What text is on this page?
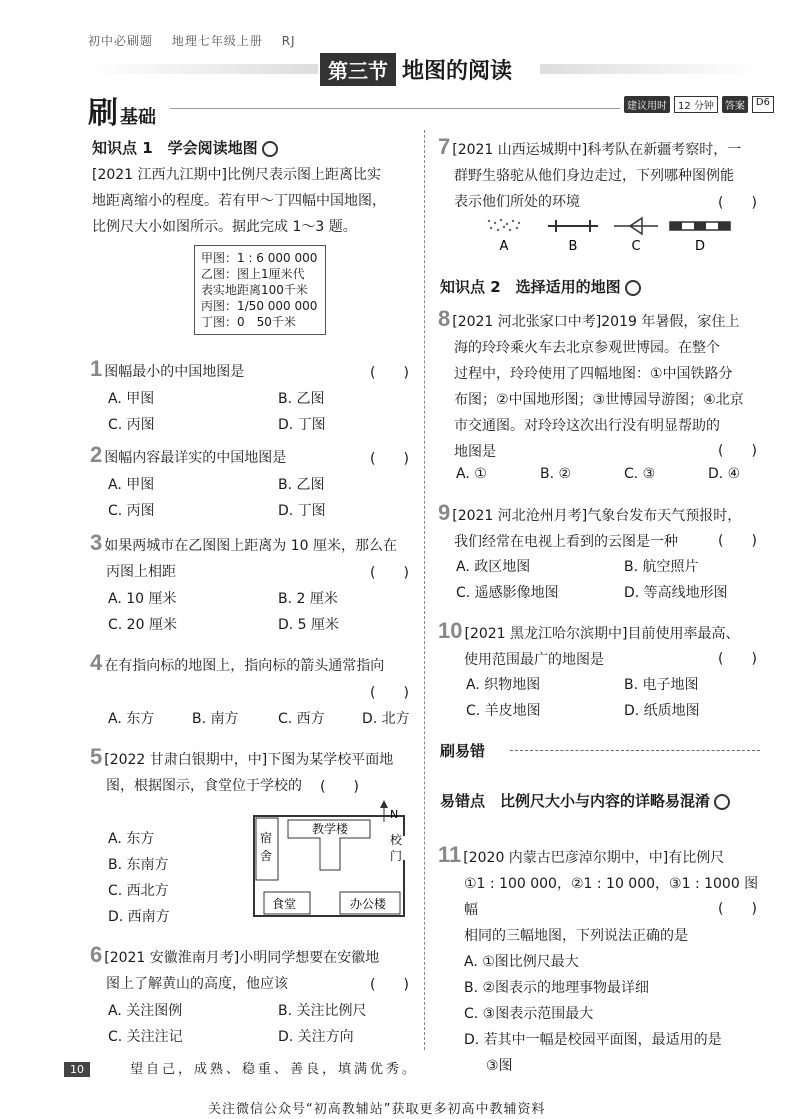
初中必刷题 地理七年级上册 RJ
第三节 地图的阅读
刷 基础
建议用时	12 分钟	答案	D6
知识点 1　学会阅读地图
[2021 江西九江期中]比例尺表示图上距离比实
地距离缩小的程度。若有甲～丁四幅中国地图，
比例尺大小如图所示。据此完成 1～3 题。
甲图：1 : 6 000 000
乙图：图上1厘米代
表实地距离100千米
丙图：1/50 000 000
丁图：0　50千米
1 图幅最小的中国地图是	(　　)
A. 甲图	B. 乙图
C. 丙图	D. 丁图
2 图幅内容最详实的中国地图是	(　　)
A. 甲图	B. 乙图
C. 丙图	D. 丁图
3 如果两城市在乙图图上距离为 10 厘米，那么在
丙图上相距	(　　)
A. 10 厘米	B. 2 厘米
C. 20 厘米	D. 5 厘米
4 在有指向标的地图上，指向标的箭头通常指向
(　　)
A. 东方	B. 南方	C. 西方	D. 北方
5 [2022 甘肃白银期中，中]下图为某学校平面地
图，根据图示，食堂位于学校的	(　　)
A. 东方
B. 东南方
C. 西北方
D. 西南方
宿
舍
教学楼
食堂	办公楼
校
门
N
6 [2021 安徽淮南月考]小明同学想要在安徽地
图上了解黄山的高度，他应该	(　　)
A. 关注图例	B. 关注比例尺
C. 关注注记	D. 关注方向
7 [2021 山西运城期中]科考队在新疆考察时，一
群野生骆驼从他们身边走过，下列哪种图例能
表示他们所处的环境	(　　)
A	B	C	D
知识点 2　选择适用的地图
8 [2021 河北张家口中考]2019 年暑假，家住上
海的玲玲乘火车去北京参观世博园。在整个
过程中，玲玲使用了四幅地图：①中国铁路分
布图；②中国地形图；③世博园导游图；④北京
市交通图。对玲玲这次出行没有明显帮助的
地图是	(　　)
A. ①	B. ②	C. ③	D. ④
9 [2021 河北沧州月考]气象台发布天气预报时，
我们经常在电视上看到的云图是一种	(　　)
A. 政区地图	B. 航空照片
C. 遥感影像地图	D. 等高线地形图
10 [2021 黑龙江哈尔滨期中]目前使用率最高、
使用范围最广的地图是	(　　)
A. 织物地图	B. 电子地图
C. 羊皮地图	D. 纸质地图
刷易错
易错点　比例尺大小与内容的详略易混淆
11 [2020 内蒙古巴彦淖尔期中，中]有比例尺
①1 : 100 000，②1 : 10 000，③1 : 1000 图幅
相同的三幅地图，下列说法正确的是
A. ①图比例尺最大
B. ②图表示的地理事物最详细
C. ③图表示范围最大
D. 若其中一幅是校园平面图，最适用的是
③图
(　　)
10	望自己，成熟、稳重、善良，填满优秀。
关注微信公众号“初高教辅站”获取更多初高中教辅资料
